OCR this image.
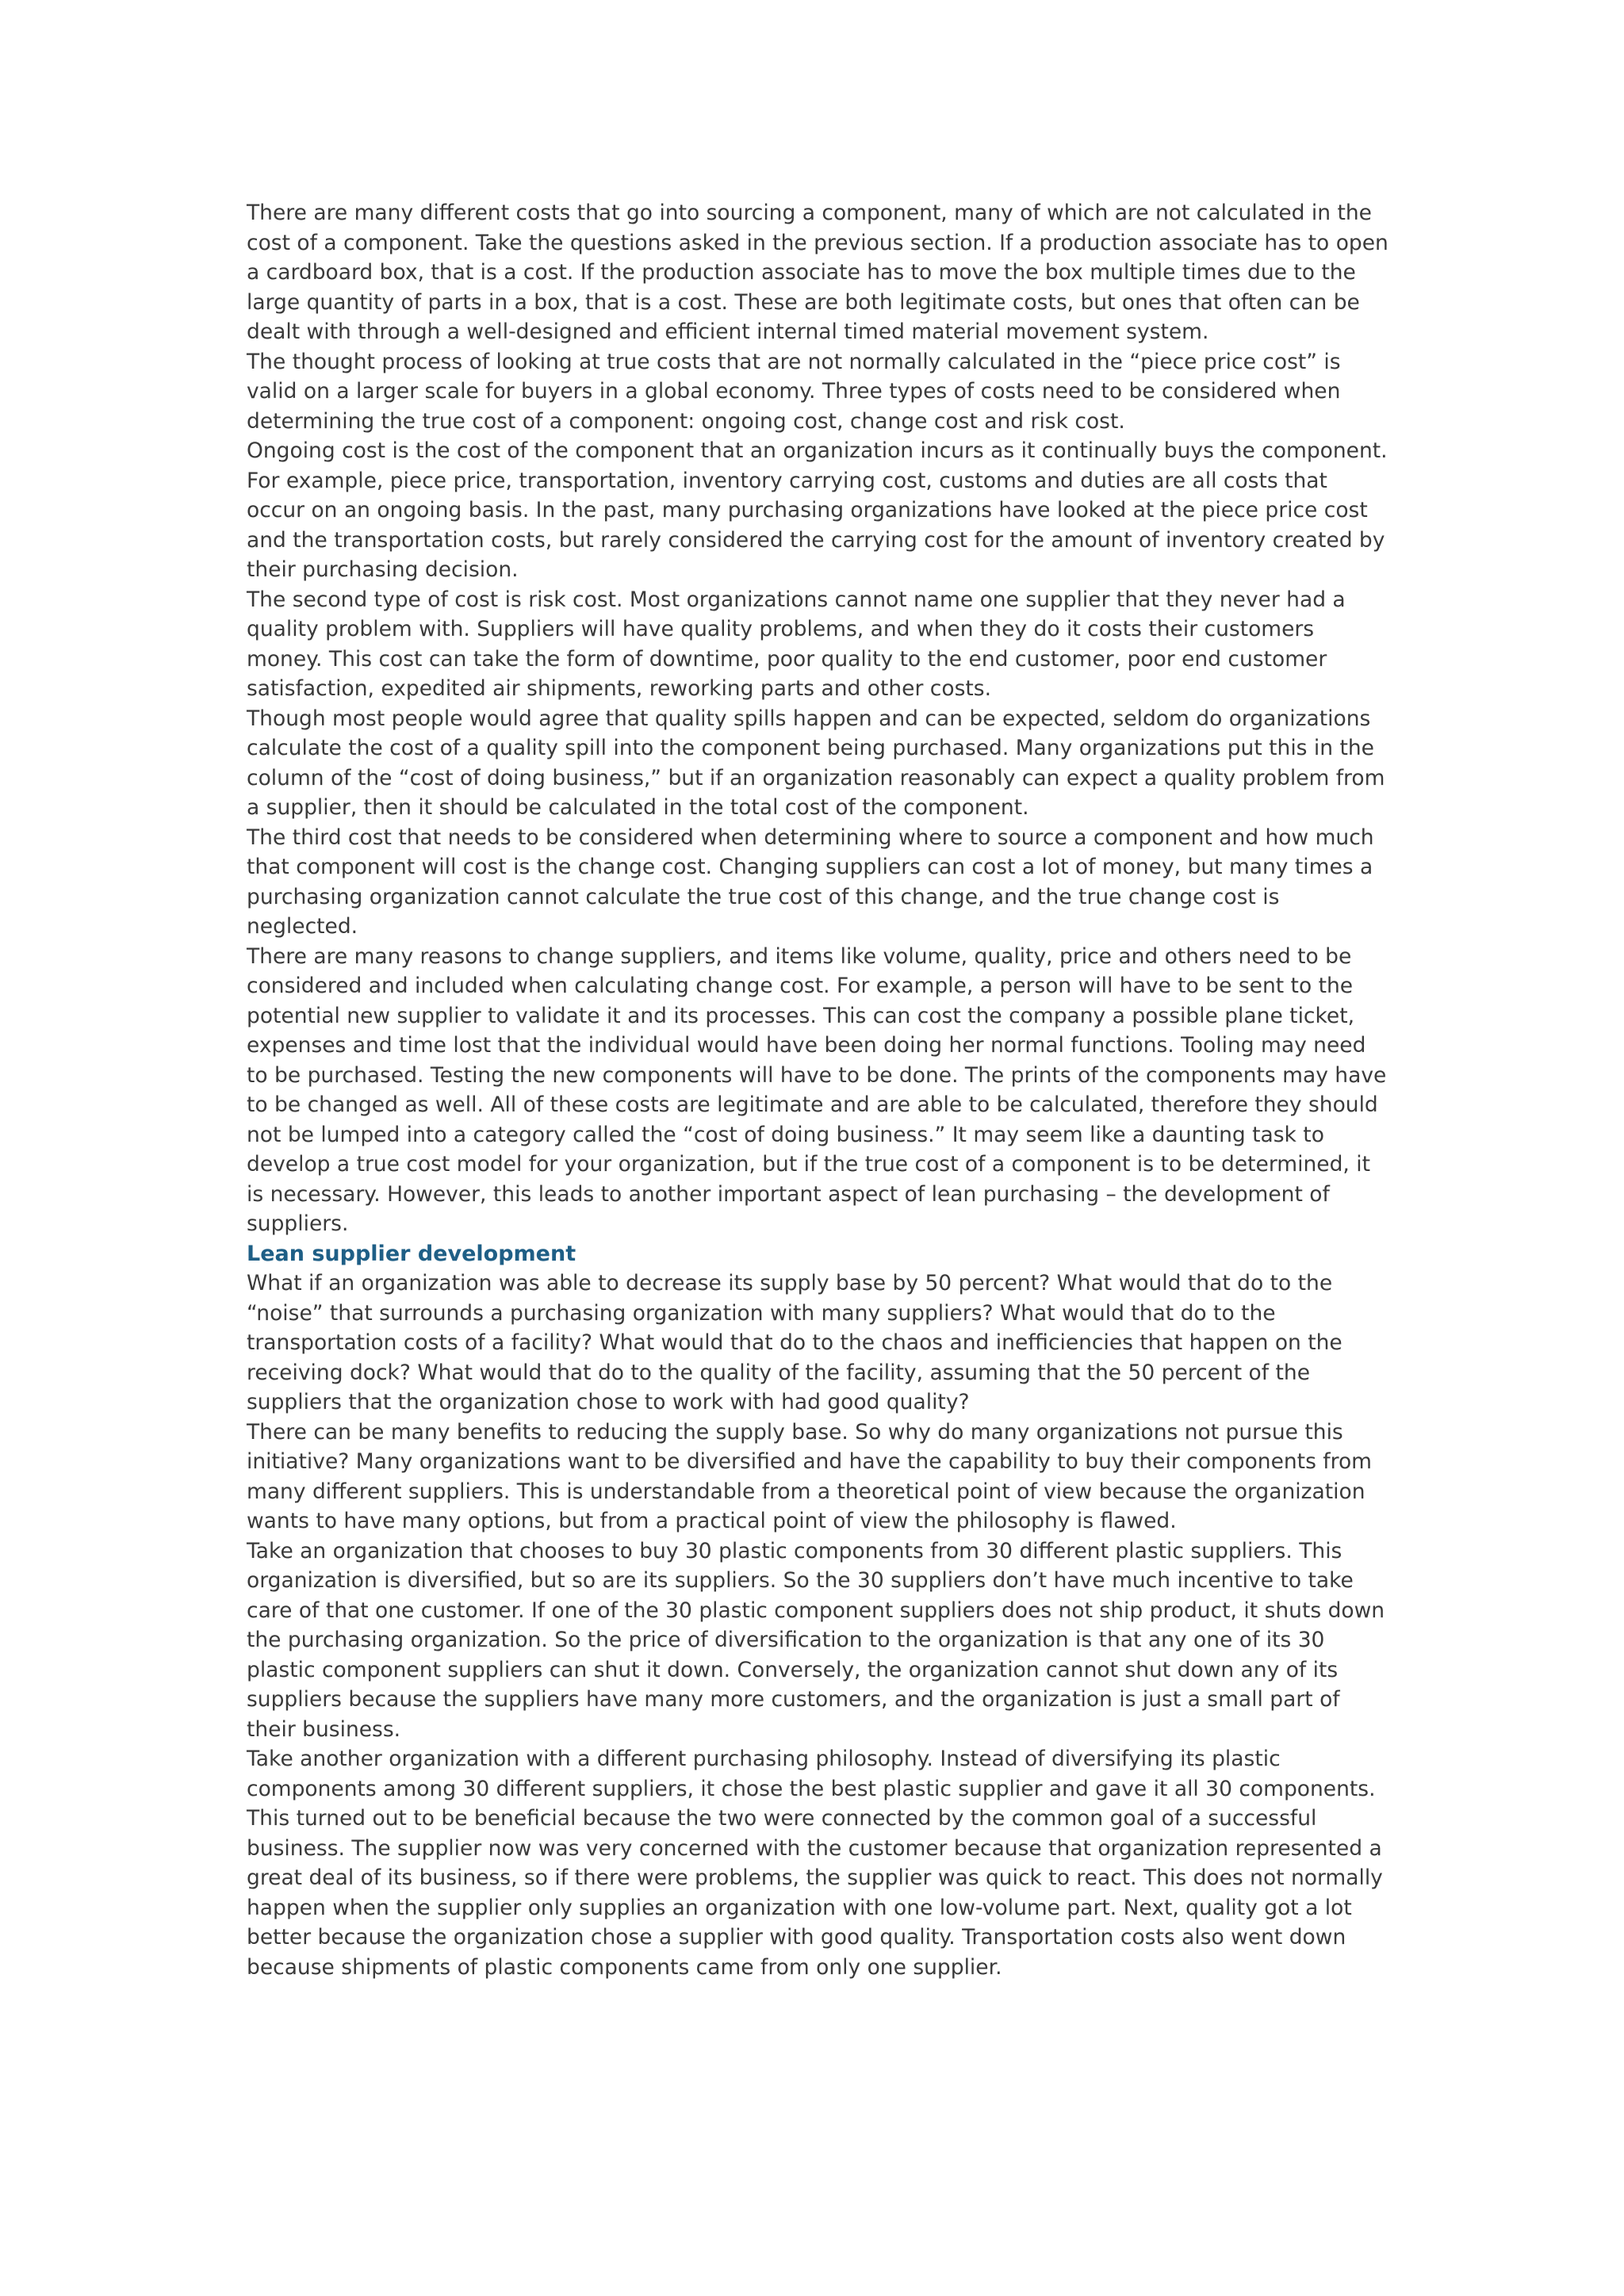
There are many different costs that go into sourcing a component, many of which are not calculated in the cost of a component. Take the questions asked in the previous section. If a production associate has to open a cardboard box, that is a cost. If the production associate has to move the box multiple times due to the large quantity of parts in a box, that is a cost. These are both legitimate costs, but ones that often can be dealt with through a well-designed and efficient internal timed material movement system.

The thought process of looking at true costs that are not normally calculated in the “piece price cost” is valid on a larger scale for buyers in a global economy. Three types of costs need to be considered when determining the true cost of a component: ongoing cost, change cost and risk cost.

Ongoing cost is the cost of the component that an organization incurs as it continually buys the component. For example, piece price, transportation, inventory carrying cost, customs and duties are all costs that occur on an ongoing basis. In the past, many purchasing organizations have looked at the piece price cost and the transportation costs, but rarely considered the carrying cost for the amount of inventory created by their purchasing decision.

The second type of cost is risk cost. Most organizations cannot name one supplier that they never had a quality problem with. Suppliers will have quality problems, and when they do it costs their customers money. This cost can take the form of downtime, poor quality to the end customer, poor end customer satisfaction, expedited air shipments, reworking parts and other costs.

Though most people would agree that quality spills happen and can be expected, seldom do organizations calculate the cost of a quality spill into the component being purchased. Many organizations put this in the column of the “cost of doing business,” but if an organization reasonably can expect a quality problem from a supplier, then it should be calculated in the total cost of the component.

The third cost that needs to be considered when determining where to source a component and how much that component will cost is the change cost. Changing suppliers can cost a lot of money, but many times a purchasing organization cannot calculate the true cost of this change, and the true change cost is neglected.

There are many reasons to change suppliers, and items like volume, quality, price and others need to be considered and included when calculating change cost. For example, a person will have to be sent to the potential new supplier to validate it and its processes. This can cost the company a possible plane ticket, expenses and time lost that the individual would have been doing her normal functions. Tooling may need to be purchased. Testing the new components will have to be done. The prints of the components may have to be changed as well. All of these costs are legitimate and are able to be calculated, therefore they should not be lumped into a category called the “cost of doing business.” It may seem like a daunting task to develop a true cost model for your organization, but if the true cost of a component is to be determined, it is necessary. However, this leads to another important aspect of lean purchasing – the development of suppliers.

Lean supplier development

What if an organization was able to decrease its supply base by 50 percent? What would that do to the “noise” that surrounds a purchasing organization with many suppliers? What would that do to the transportation costs of a facility? What would that do to the chaos and inefficiencies that happen on the receiving dock? What would that do to the quality of the facility, assuming that the 50 percent of the suppliers that the organization chose to work with had good quality?

There can be many benefits to reducing the supply base. So why do many organizations not pursue this initiative? Many organizations want to be diversified and have the capability to buy their components from many different suppliers. This is understandable from a theoretical point of view because the organization wants to have many options, but from a practical point of view the philosophy is flawed.

Take an organization that chooses to buy 30 plastic components from 30 different plastic suppliers. This organization is diversified, but so are its suppliers. So the 30 suppliers don’t have much incentive to take care of that one customer. If one of the 30 plastic component suppliers does not ship product, it shuts down the purchasing organization. So the price of diversification to the organization is that any one of its 30 plastic component suppliers can shut it down. Conversely, the organization cannot shut down any of its suppliers because the suppliers have many more customers, and the organization is just a small part of their business.

Take another organization with a different purchasing philosophy. Instead of diversifying its plastic components among 30 different suppliers, it chose the best plastic supplier and gave it all 30 components. This turned out to be beneficial because the two were connected by the common goal of a successful business. The supplier now was very concerned with the customer because that organization represented a great deal of its business, so if there were problems, the supplier was quick to react. This does not normally happen when the supplier only supplies an organization with one low-volume part. Next, quality got a lot better because the organization chose a supplier with good quality. Transportation costs also went down because shipments of plastic components came from only one supplier.
